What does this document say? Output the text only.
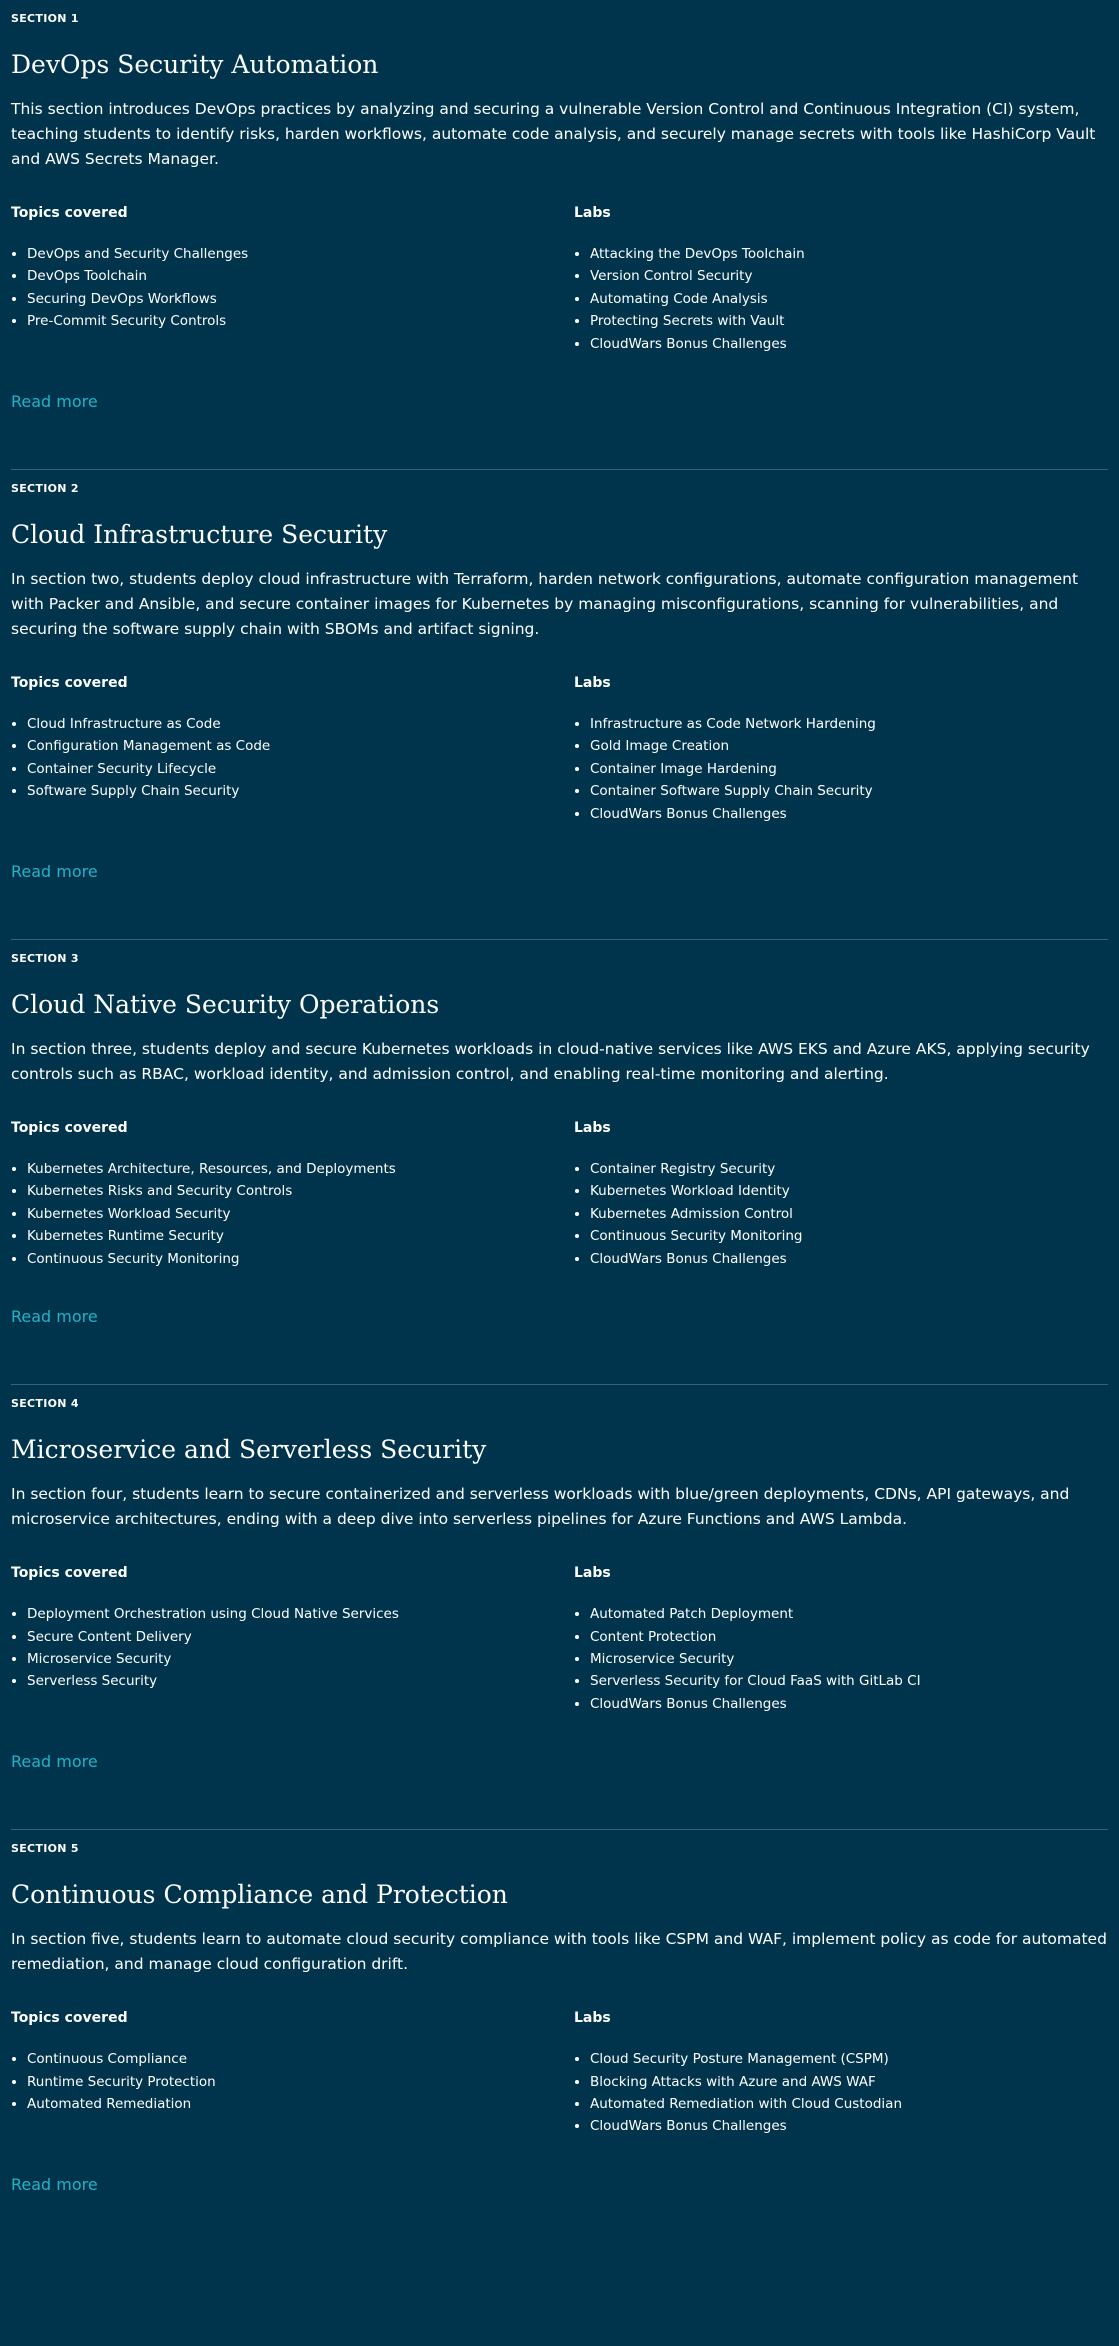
SECTION 1
DevOps Security Automation

This section introduces DevOps practices by analyzing and securing a vulnerable Version Control and Continuous Integration (CI) system, teaching students to identify risks, harden workflows, automate code analysis, and securely manage secrets with tools like HashiCorp Vault and AWS Secrets Manager.

Topics covered
• DevOps and Security Challenges
• DevOps Toolchain
• Securing DevOps Workflows
• Pre-Commit Security Controls
Labs
• Attacking the DevOps Toolchain
• Version Control Security
• Automating Code Analysis
• Protecting Secrets with Vault
• CloudWars Bonus Challenges
Read more
SECTION 2
Cloud Infrastructure Security

In section two, students deploy cloud infrastructure with Terraform, harden network configurations, automate configuration management with Packer and Ansible, and secure container images for Kubernetes by managing misconfigurations, scanning for vulnerabilities, and securing the software supply chain with SBOMs and artifact signing.

Topics covered
• Cloud Infrastructure as Code
• Configuration Management as Code
• Container Security Lifecycle
• Software Supply Chain Security
Labs
• Infrastructure as Code Network Hardening
• Gold Image Creation
• Container Image Hardening
• Container Software Supply Chain Security
• CloudWars Bonus Challenges
Read more
SECTION 3
Cloud Native Security Operations

In section three, students deploy and secure Kubernetes workloads in cloud-native services like AWS EKS and Azure AKS, applying security controls such as RBAC, workload identity, and admission control, and enabling real-time monitoring and alerting.

Topics covered
• Kubernetes Architecture, Resources, and Deployments
• Kubernetes Risks and Security Controls
• Kubernetes Workload Security
• Kubernetes Runtime Security
• Continuous Security Monitoring
Labs
• Container Registry Security
• Kubernetes Workload Identity
• Kubernetes Admission Control
• Continuous Security Monitoring
• CloudWars Bonus Challenges
Read more
SECTION 4
Microservice and Serverless Security

In section four, students learn to secure containerized and serverless workloads with blue/green deployments, CDNs, API gateways, and microservice architectures, ending with a deep dive into serverless pipelines for Azure Functions and AWS Lambda.

Topics covered
• Deployment Orchestration using Cloud Native Services
• Secure Content Delivery
• Microservice Security
• Serverless Security
Labs
• Automated Patch Deployment
• Content Protection
• Microservice Security
• Serverless Security for Cloud FaaS with GitLab CI
• CloudWars Bonus Challenges
Read more
SECTION 5
Continuous Compliance and Protection

In section five, students learn to automate cloud security compliance with tools like CSPM and WAF, implement policy as code for automated remediation, and manage cloud configuration drift.

Topics covered
• Continuous Compliance
• Runtime Security Protection
• Automated Remediation
Labs
• Cloud Security Posture Management (CSPM)
• Blocking Attacks with Azure and AWS WAF
• Automated Remediation with Cloud Custodian
• CloudWars Bonus Challenges
Read more
